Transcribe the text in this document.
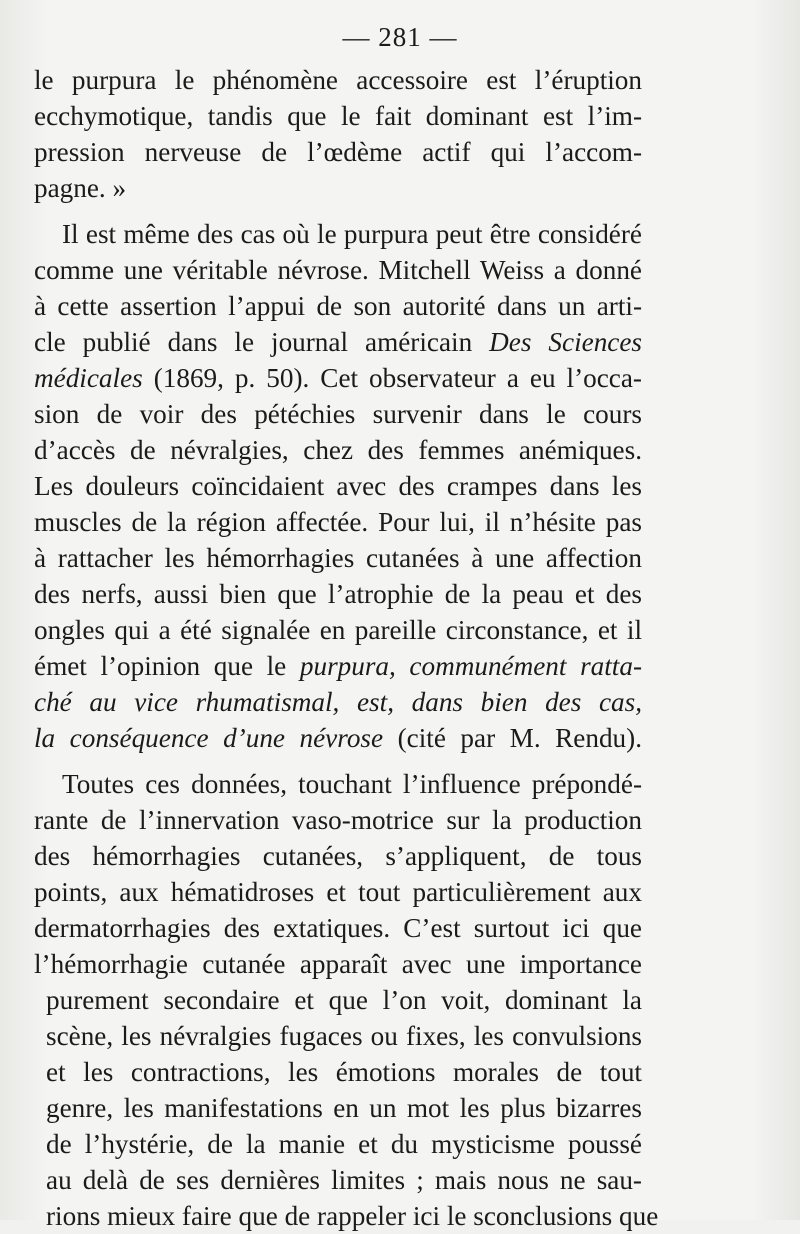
— 281 —
le purpura le phénomène accessoire est l’éruption
ecchymotique, tandis que le fait dominant est l’im-
pression nerveuse de l’œdème actif qui l’accom-
pagne. »
Il est même des cas où le purpura peut être considéré
comme une véritable névrose. Mitchell Weiss a donné
à cette assertion l’appui de son autorité dans un arti-
cle publié dans le journal américain Des Sciences
médicales (1869, p. 50). Cet observateur a eu l’occa-
sion de voir des pétéchies survenir dans le cours
d’accès de névralgies, chez des femmes anémiques.
Les douleurs coïncidaient avec des crampes dans les
muscles de la région affectée. Pour lui, il n’hésite pas
à rattacher les hémorrhagies cutanées à une affection
des nerfs, aussi bien que l’atrophie de la peau et des
ongles qui a été signalée en pareille circonstance, et il
émet l’opinion que le purpura, communément ratta-
ché au vice rhumatismal, est, dans bien des cas,
la conséquence d’une névrose (cité par M. Rendu).
Toutes ces données, touchant l’influence prépondé-
rante de l’innervation vaso-motrice sur la production
des hémorrhagies cutanées, s’appliquent, de tous
points, aux hématidroses et tout particulièrement aux
dermatorrhagies des extatiques. C’est surtout ici que
l’hémorrhagie cutanée apparaît avec une importance
purement secondaire et que l’on voit, dominant la
scène, les névralgies fugaces ou fixes, les convulsions
et les contractions, les émotions morales de tout
genre, les manifestations en un mot les plus bizarres
de l’hystérie, de la manie et du mysticisme poussé
au delà de ses dernières limites ; mais nous ne sau-
rions mieux faire que de rappeler ici le sconclusions que
